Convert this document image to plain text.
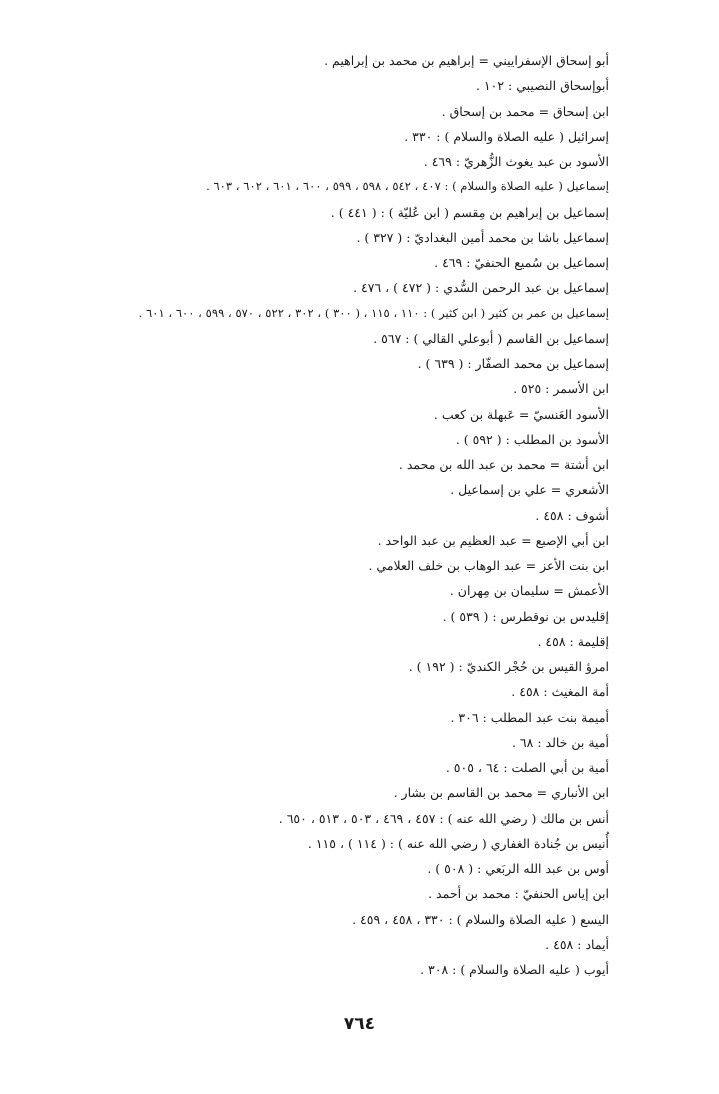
أبو إسحاق الإسفراييني = إبراهيم بن محمد بن إبراهيم .
أبوإسحاق النصيبي : ١٠٢ .
ابن إسحاق = محمد بن إسحاق .
إسرائيل ( عليه الصلاة والسلام ) : ٣٣٠ .
الأسود بن عبد يغوث الزُّهريّ : ٤٦٩ .
إسماعيل ( عليه الصلاة والسلام ) : ٤٠٧ ، ٥٤٢ ، ٥٩٨ ، ٥٩٩ ، ٦٠٠ ، ٦٠١ ، ٦٠٢ ، ٦٠٣ .
إسماعيل بن إبراهيم بن مِقسم ( ابن عُليّة ) : ( ٤٤١ ) .
إسماعيل باشا بن محمد أمين البغداديّ : ( ٣٢٧ ) .
إسماعيل بن سُميع الحنفيّ : ٤٦٩ .
إسماعيل بن عبد الرحمن السُّدي : ( ٤٧٢ ) ، ٤٧٦ .
إسماعيل بن عمر بن كثير ( ابن كثير ) : ١١٠ ، ١١٥ ، ( ٣٠٠ ) ، ٣٠٢ ، ٥٢٢ ، ٥٧٠ ، ٥٩٩ ، ٦٠٠ ، ٦٠١ .
إسماعيل بن القاسم ( أبوعلي القالي ) : ٥٦٧ .
إسماعيل بن محمد الصفّار : ( ٦٣٩ ) .
ابن الأسمر : ٥٢٥ .
الأسود العَنسيّ = عَبهلة بن كعب .
الأسود بن المطلب : ( ٥٩٢ ) .
ابن أشتة = محمد بن عبد الله بن محمد .
الأشعري = علي بن إسماعيل .
أشوف : ٤٥٨ .
ابن أبي الإصبع = عبد العظيم بن عبد الواحد .
ابن بنت الأعز = عبد الوهاب بن خلف العلامي .
الأعمش = سليمان بن مِهران .
إقليدس بن نوقطرس : ( ٥٣٩ ) .
إقليمة : ٤٥٨ .
امرؤ القيس بن حُجْر الكنديّ : ( ١٩٢ ) .
أمة المغيث : ٤٥٨ .
أميمة بنت عبد المطلب : ٣٠٦ .
أمية بن خالد : ٦٨ .
أمية بن أبي الصلت : ٦٤ ، ٥٠٥ .
ابن الأنباري = محمد بن القاسم بن بشار .
أنس بن مالك ( رضي الله عنه ) : ٤٥٧ ، ٤٦٩ ، ٥٠٣ ، ٥١٣ ، ٦٥٠ .
أُنيس بن جُنادة الغفاري ( رضي الله عنه ) : ( ١١٤ ) ، ١١٥ .
أوس بن عبد الله الربَعي : ( ٥٠٨ ) .
ابن إياس الحنفيّ : محمد بن أحمد .
اليسع ( عليه الصلاة والسلام ) : ٣٣٠ ، ٤٥٨ ، ٤٥٩ .
أيماد : ٤٥٨ .
أيوب ( عليه الصلاة والسلام ) : ٣٠٨ .
٧٦٤
